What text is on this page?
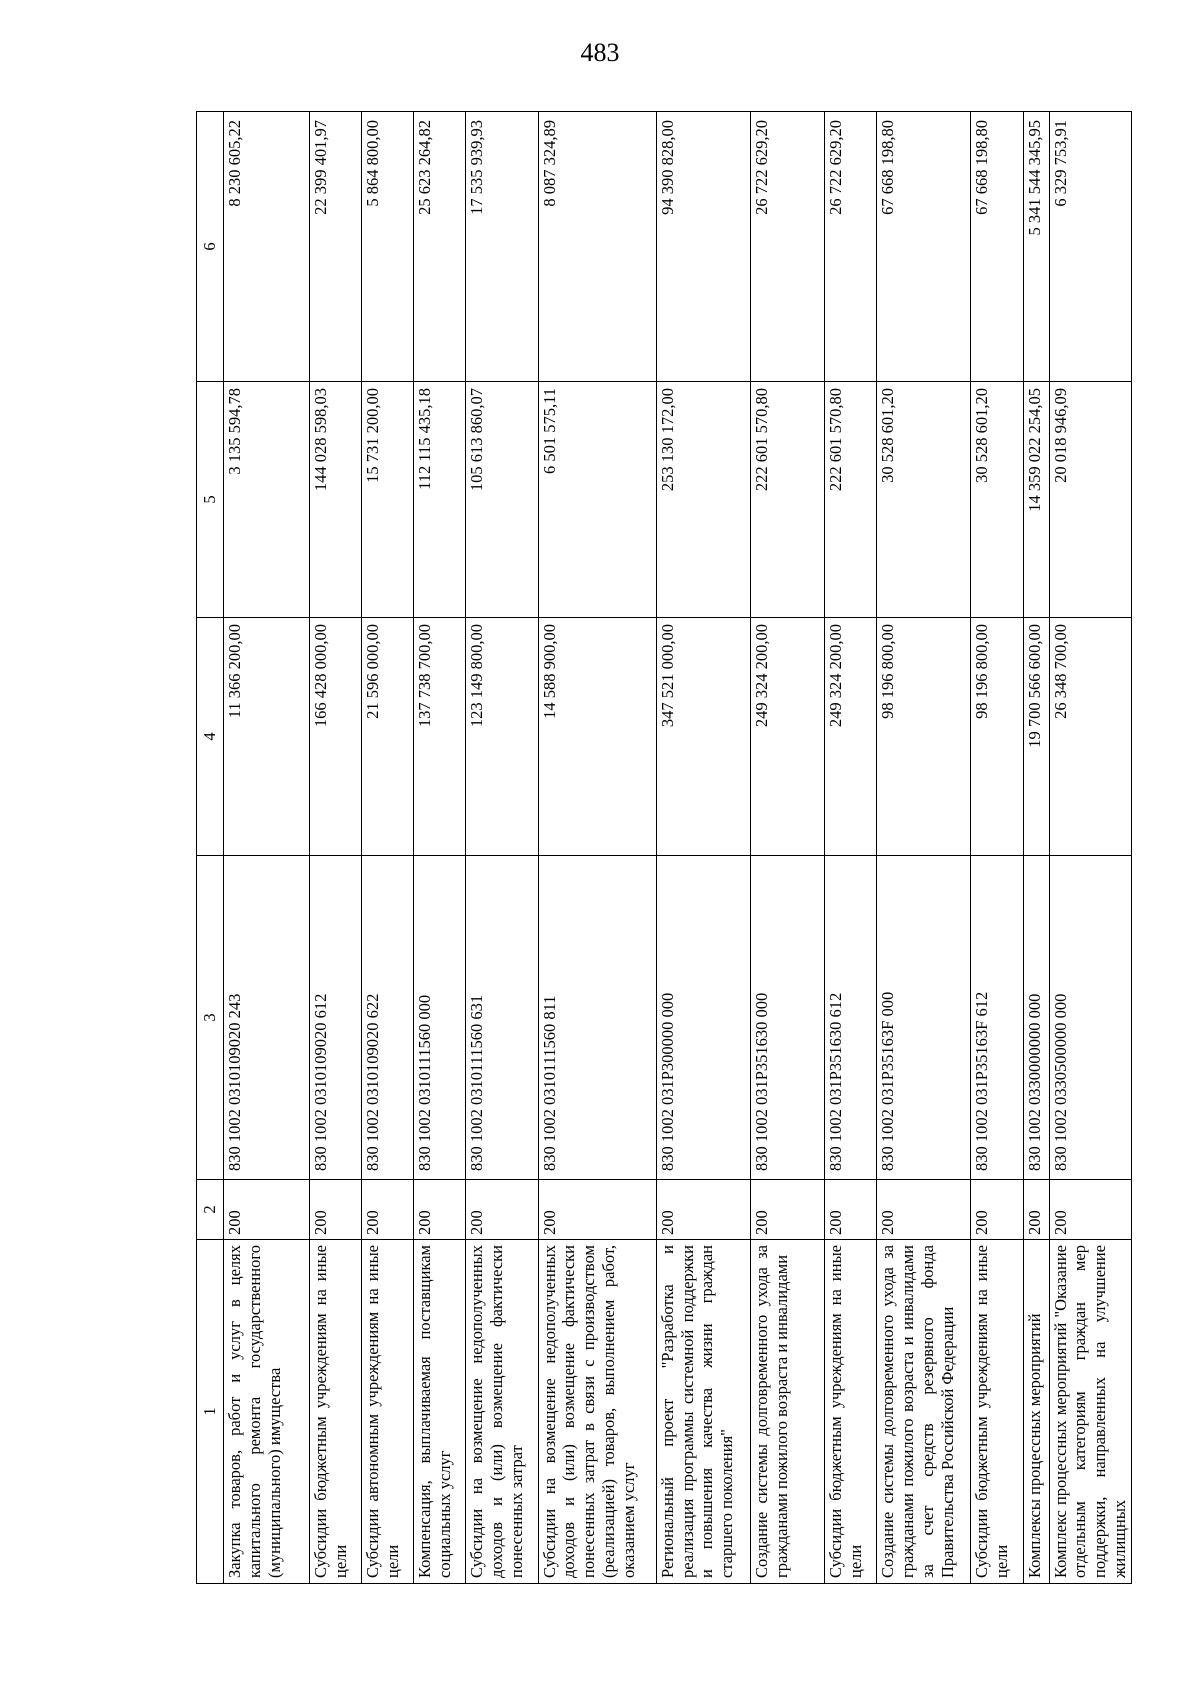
483
1	2	3	4	5	6
Закупка товаров, работ и услуг в целях капитального ремонта государственного (муниципального) имущества	200	830 1002 0310109020 243	11 366 200,00	3 135 594,78	8 230 605,22
Субсидии бюджетным учреждениям на иные цели	200	830 1002 0310109020 612	166 428 000,00	144 028 598,03	22 399 401,97
Субсидии автономным учреждениям на иные цели	200	830 1002 0310109020 622	21 596 000,00	15 731 200,00	5 864 800,00
Компенсация, выплачиваемая поставщикам социальных услуг	200	830 1002 0310111560 000	137 738 700,00	112 115 435,18	25 623 264,82
Субсидии на возмещение недополученных доходов и (или) возмещение фактически понесенных затрат	200	830 1002 0310111560 631	123 149 800,00	105 613 860,07	17 535 939,93
Субсидии на возмещение недополученных доходов и (или) возмещение фактически понесенных затрат в связи с производством (реализацией) товаров, выполнением работ, оказанием услуг	200	830 1002 0310111560 811	14 588 900,00	6 501 575,11	8 087 324,89
Региональный проект "Разработка и реализация программы системной поддержки и повышения качества жизни граждан старшего поколения"	200	830 1002 031P300000 000	347 521 000,00	253 130 172,00	94 390 828,00
Создание системы долговременного ухода за гражданами пожилого возраста и инвалидами	200	830 1002 031P351630 000	249 324 200,00	222 601 570,80	26 722 629,20
Субсидии бюджетным учреждениям на иные цели	200	830 1002 031P351630 612	249 324 200,00	222 601 570,80	26 722 629,20
Создание системы долговременного ухода за гражданами пожилого возраста и инвалидами за счет средств резервного фонда Правительства Российской Федерации	200	830 1002 031P35163F 000	98 196 800,00	30 528 601,20	67 668 198,80
Субсидии бюджетным учреждениям на иные цели	200	830 1002 031P35163F 612	98 196 800,00	30 528 601,20	67 668 198,80
Комплексы процессных мероприятий	200	830 1002 0330000000 000	19 700 566 600,00	14 359 022 254,05	5 341 544 345,95
Комплекс процессных мероприятий "Оказание отдельным категориям граждан мер поддержки, направленных на улучшение жилищных	200	830 1002 0330500000 000	26 348 700,00	20 018 946,09	6 329 753,91
